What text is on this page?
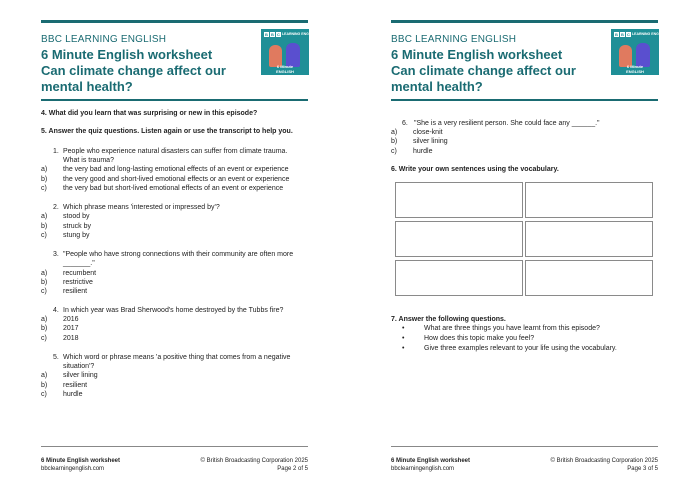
BBC LEARNING ENGLISH
6 Minute English worksheet
Can climate change affect our
mental health?
B B C LEARNING ENGLISH
6 Minute
ENGLISH
4. What did you learn that was surprising or new in this episode?
5. Answer the quiz questions. Listen again or use the transcript to help you.
1. People who experience natural disasters can suffer from climate trauma.
What is trauma?
a) the very bad and long-lasting emotional effects of an event or experience
b) the very good and short-lived emotional effects or an event or experience
c) the very bad but short-lived emotional effects of an event or experience
2. Which phrase means 'interested or impressed by'?
a) stood by
b) struck by
c) stung by
3. "People who have strong connections with their community are often more
_______."
a) recumbent
b) restrictive
c) resilient
4. In which year was Brad Sherwood's home destroyed by the Tubbs fire?
a) 2016
b) 2017
c) 2018
5. Which word or phrase means 'a positive thing that comes from a negative
situation'?
a) silver lining
b) resilient
c) hurdle
6 Minute English worksheet
bbclearningenglish.com
© British Broadcasting Corporation 2025
Page 2 of 5
BBC LEARNING ENGLISH
6 Minute English worksheet
Can climate change affect our
mental health?
B B C LEARNING ENGLISH
6 Minute
ENGLISH
6 Minute English worksheet
bbclearningenglish.com
© British Broadcasting Corporation 2025
Page 3 of 5
6. "She is a very resilient person. She could face any ______."
a) close-knit
b) silver lining
c) hurdle
6. Write your own sentences using the vocabulary.
7. Answer the following questions.
•	What are three things you have learnt from this episode?
•	How does this topic make you feel?
•	Give three examples relevant to your life using the vocabulary.
